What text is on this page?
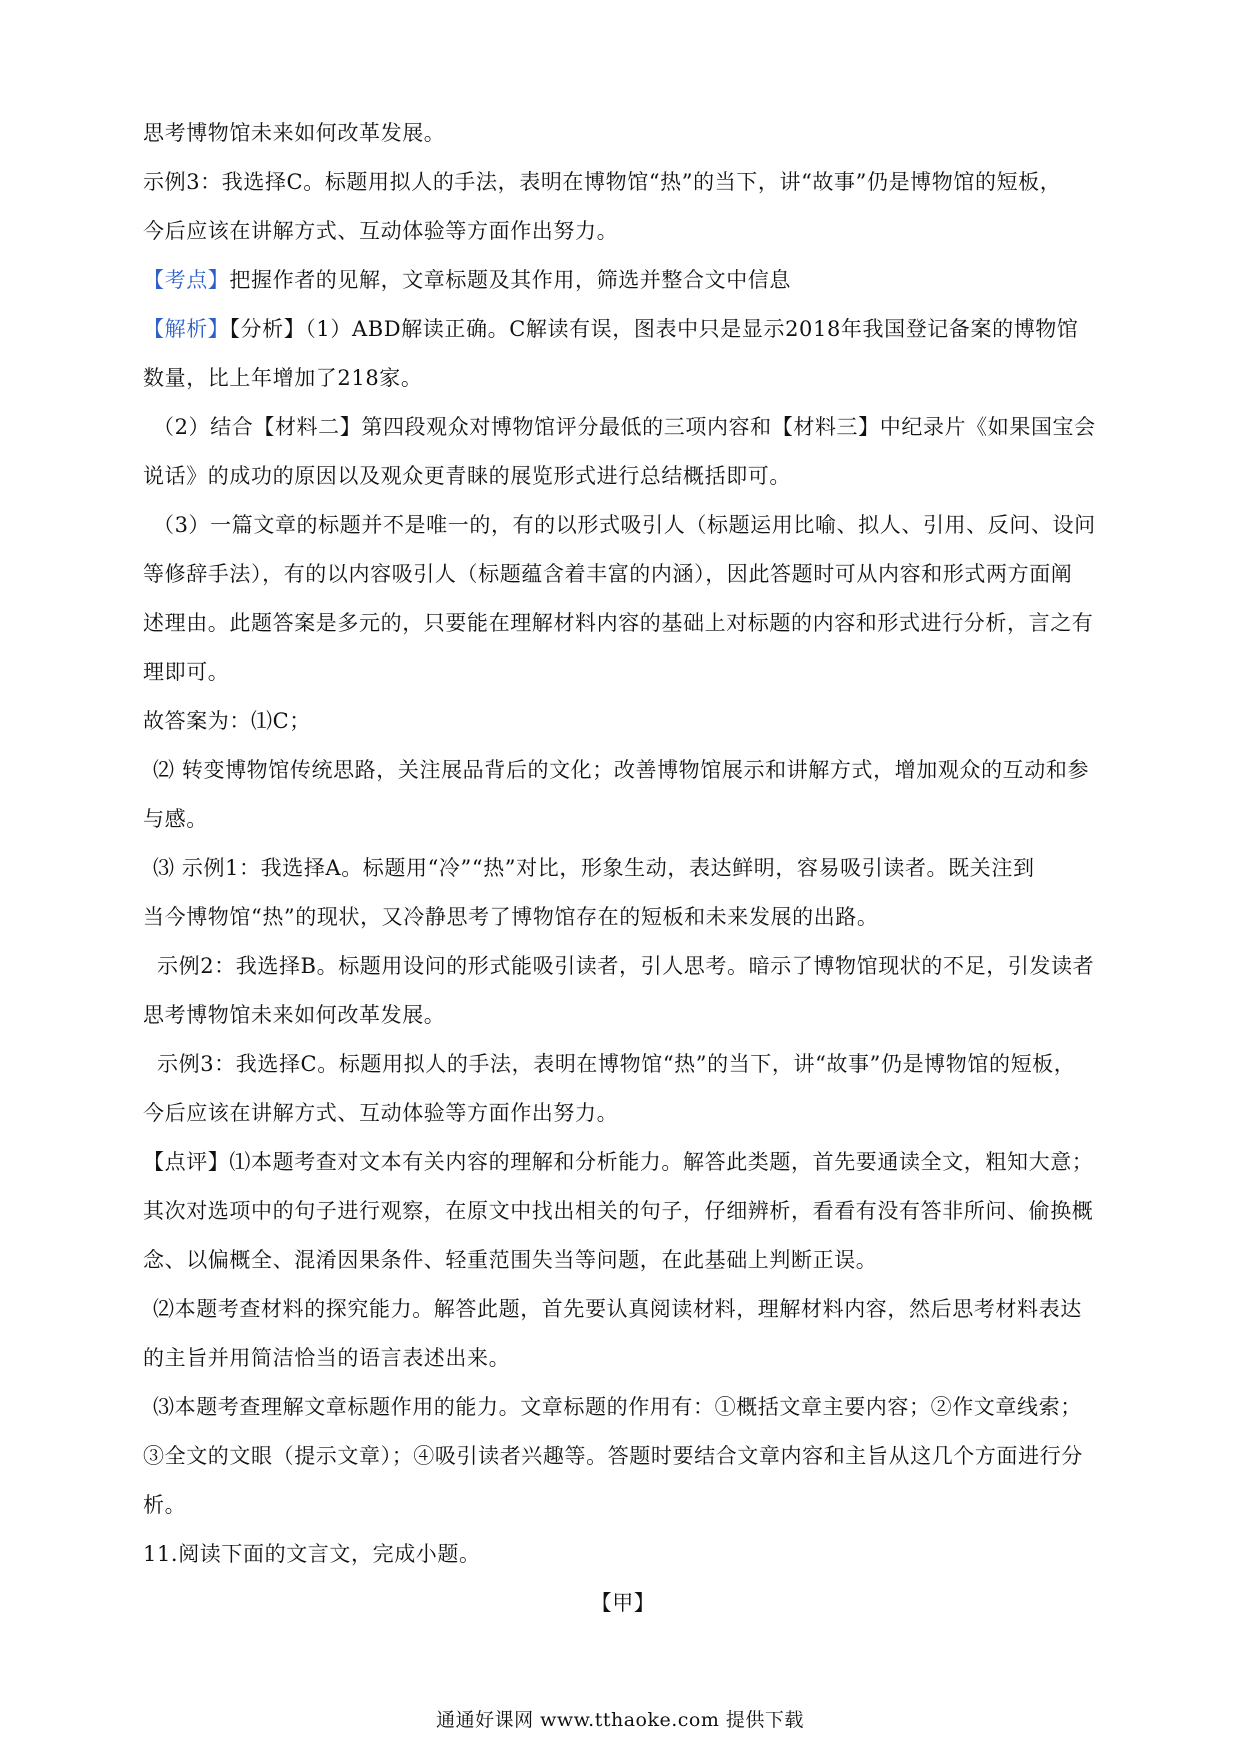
思考博物馆未来如何改革发展。
示例3：我选择C。标题用拟人的手法，表明在博物馆“热”的当下，讲“故事”仍是博物馆的短板，
今后应该在讲解方式、互动体验等方面作出努力。
【考点】把握作者的见解，文章标题及其作用，筛选并整合文中信息
【解析】【分析】（1）ABD解读正确。C解读有误，图表中只是显示2018年我国登记备案的博物馆
数量，比上年增加了218家。
（2）结合【材料二】第四段观众对博物馆评分最低的三项内容和【材料三】中纪录片《如果国宝会
说话》的成功的原因以及观众更青睐的展览形式进行总结概括即可。
（3）一篇文章的标题并不是唯一的，有的以形式吸引人（标题运用比喻、拟人、引用、反问、设问
等修辞手法），有的以内容吸引人（标题蕴含着丰富的内涵），因此答题时可从内容和形式两方面阐
述理由。此题答案是多元的，只要能在理解材料内容的基础上对标题的内容和形式进行分析，言之有
理即可。
故答案为：⑴C；
⑵ 转变博物馆传统思路，关注展品背后的文化；改善博物馆展示和讲解方式，增加观众的互动和参
与感。
⑶ 示例1：我选择A。标题用“冷”“热”对比，形象生动，表达鲜明，容易吸引读者。既关注到
当今博物馆“热”的现状，又冷静思考了博物馆存在的短板和未来发展的出路。
示例2：我选择B。标题用设问的形式能吸引读者，引人思考。暗示了博物馆现状的不足，引发读者
思考博物馆未来如何改革发展。
示例3：我选择C。标题用拟人的手法，表明在博物馆“热”的当下，讲“故事”仍是博物馆的短板，
今后应该在讲解方式、互动体验等方面作出努力。
【点评】⑴本题考查对文本有关内容的理解和分析能力。解答此类题，首先要通读全文，粗知大意；
其次对选项中的句子进行观察，在原文中找出相关的句子，仔细辨析，看看有没有答非所问、偷换概
念、以偏概全、混淆因果条件、轻重范围失当等问题，在此基础上判断正误。
⑵本题考查材料的探究能力。解答此题，首先要认真阅读材料，理解材料内容，然后思考材料表达
的主旨并用简洁恰当的语言表述出来。
⑶本题考查理解文章标题作用的能力。文章标题的作用有：①概括文章主要内容；②作文章线索；
③全文的文眼（提示文章）；④吸引读者兴趣等。答题时要结合文章内容和主旨从这几个方面进行分
析。
11.阅读下面的文言文，完成小题。
【甲】
通通好课网 www.tthaoke.com 提供下载
